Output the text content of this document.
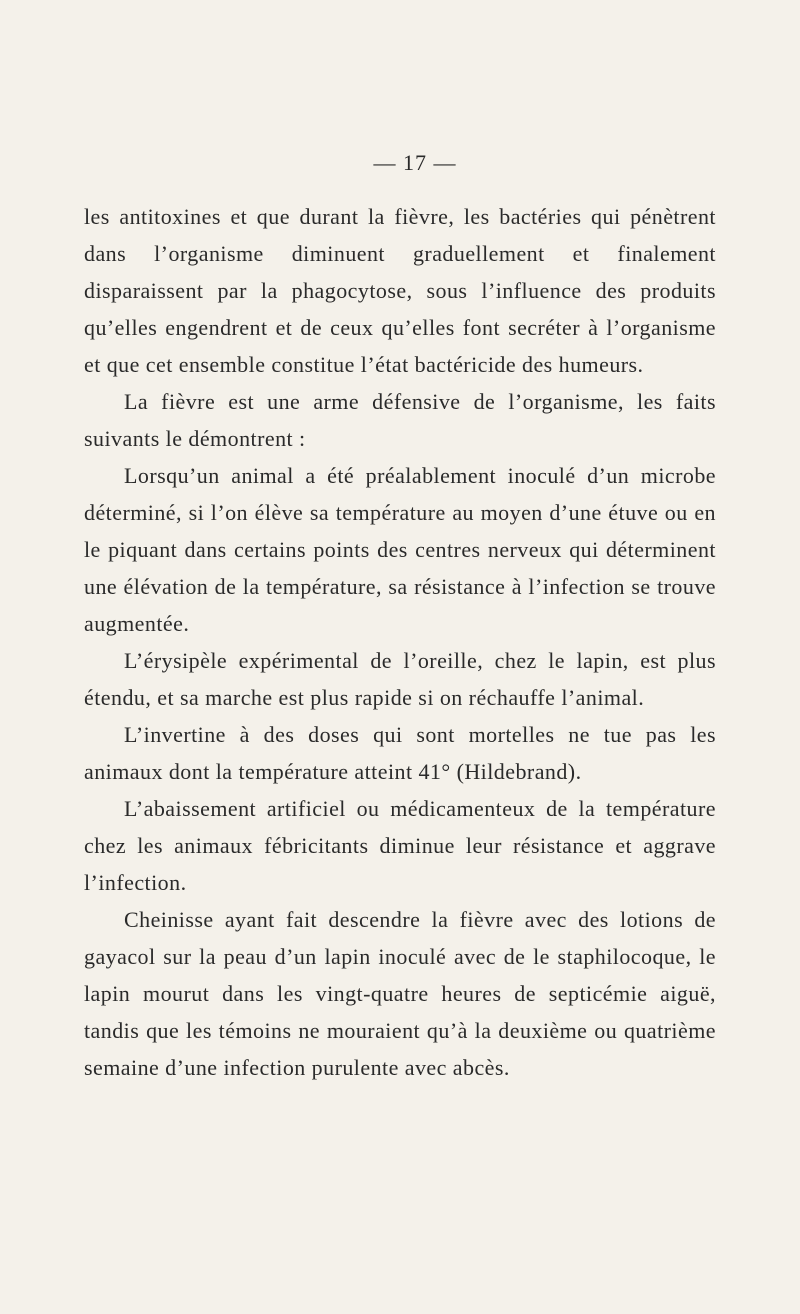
— 17 —

les antitoxines et que durant la fièvre, les bactéries qui pénètrent dans l’organisme diminuent graduellement et finalement disparaissent par la phagocytose, sous l’influence des produits qu’elles engendrent et de ceux qu’elles font secréter à l’organisme et que cet ensemble constitue l’état bactéricide des humeurs.

La fièvre est une arme défensive de l’organisme, les faits suivants le démontrent :

Lorsqu’un animal a été préalablement inoculé d’un microbe déterminé, si l’on élève sa température au moyen d’une étuve ou en le piquant dans certains points des centres nerveux qui déterminent une élévation de la température, sa résistance à l’infection se trouve augmentée.

L’érysipèle expérimental de l’oreille, chez le lapin, est plus étendu, et sa marche est plus rapide si on réchauffe l’animal.

L’invertine à des doses qui sont mortelles ne tue pas les animaux dont la température atteint 41° (Hildebrand).

L’abaissement artificiel ou médicamenteux de la température chez les animaux fébricitants diminue leur résistance et aggrave l’infection.

Cheinisse ayant fait descendre la fièvre avec des lotions de gayacol sur la peau d’un lapin inoculé avec de le staphilocoque, le lapin mourut dans les vingt-quatre heures de septicémie aiguë, tandis que les témoins ne mouraient qu’à la deuxième ou quatrième semaine d’une infection purulente avec abcès.
